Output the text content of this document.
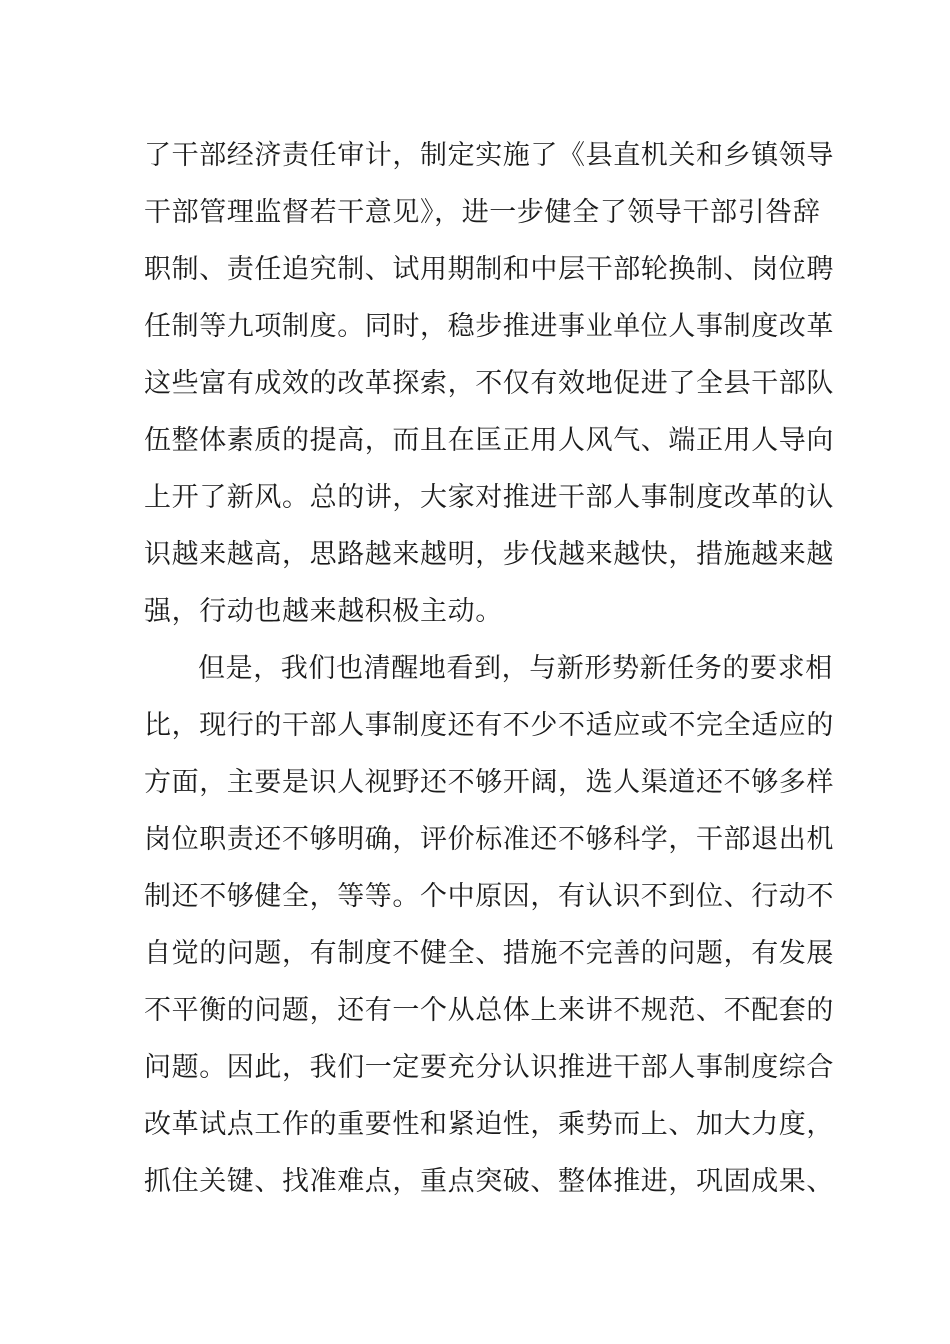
了干部经济责任审计，制定实施了《县直机关和乡镇领导
干部管理监督若干意见》，进一步健全了领导干部引咎辞
职制、责任追究制、试用期制和中层干部轮换制、岗位聘
任制等九项制度。同时，稳步推进事业单位人事制度改革
这些富有成效的改革探索，不仅有效地促进了全县干部队
伍整体素质的提高，而且在匡正用人风气、端正用人导向
上开了新风。总的讲，大家对推进干部人事制度改革的认
识越来越高，思路越来越明，步伐越来越快，措施越来越
强，行动也越来越积极主动。
但是，我们也清醒地看到，与新形势新任务的要求相
比，现行的干部人事制度还有不少不适应或不完全适应的
方面，主要是识人视野还不够开阔，选人渠道还不够多样
岗位职责还不够明确，评价标准还不够科学，干部退出机
制还不够健全，等等。个中原因，有认识不到位、行动不
自觉的问题，有制度不健全、措施不完善的问题，有发展
不平衡的问题，还有一个从总体上来讲不规范、不配套的
问题。因此，我们一定要充分认识推进干部人事制度综合
改革试点工作的重要性和紧迫性，乘势而上、加大力度，
抓住关键、找准难点，重点突破、整体推进，巩固成果、
